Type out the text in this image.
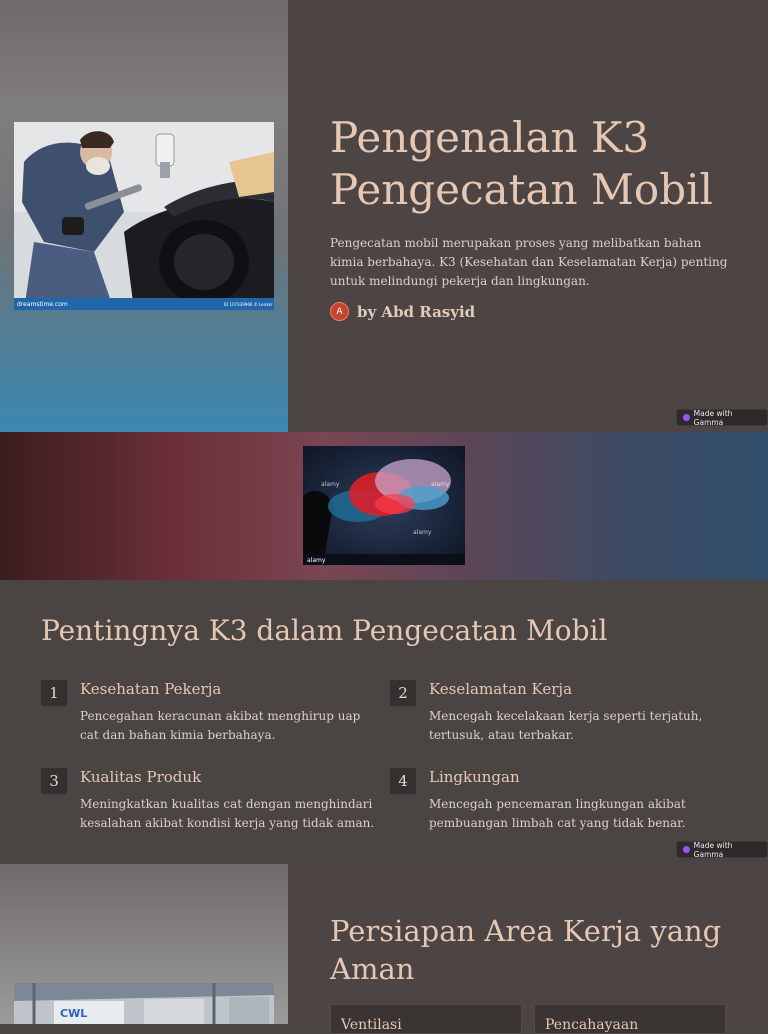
dreamstime.com	ID 107339966 © Lenakr
Pengenalan K3
Pengecatan Mobil

Pengecatan mobil merupakan proses yang melibatkan bahan kimia berbahaya. K3 (Kesehatan dan Keselamatan Kerja) penting untuk melindungi pekerja dan lingkungan.

A by Abd Rasyid
Made with Gamma
alamy	alamy
alamy
alamy
Pentingnya K3 dalam Pengecatan Mobil
1	Kesehatan Pekerja
Pencegahan keracunan akibat menghirup uap cat dan bahan kimia berbahaya.
2	Keselamatan Kerja
Mencegah kecelakaan kerja seperti terjatuh, tertusuk, atau terbakar.
3	Kualitas Produk
Meningkatkan kualitas cat dengan menghindari kesalahan akibat kondisi kerja yang tidak aman.
4	Lingkungan
Mencegah pencemaran lingkungan akibat pembuangan limbah cat yang tidak benar.
Made with Gamma
CWL
Persiapan Area Kerja yang Aman
Ventilasi	Pencahayaan
